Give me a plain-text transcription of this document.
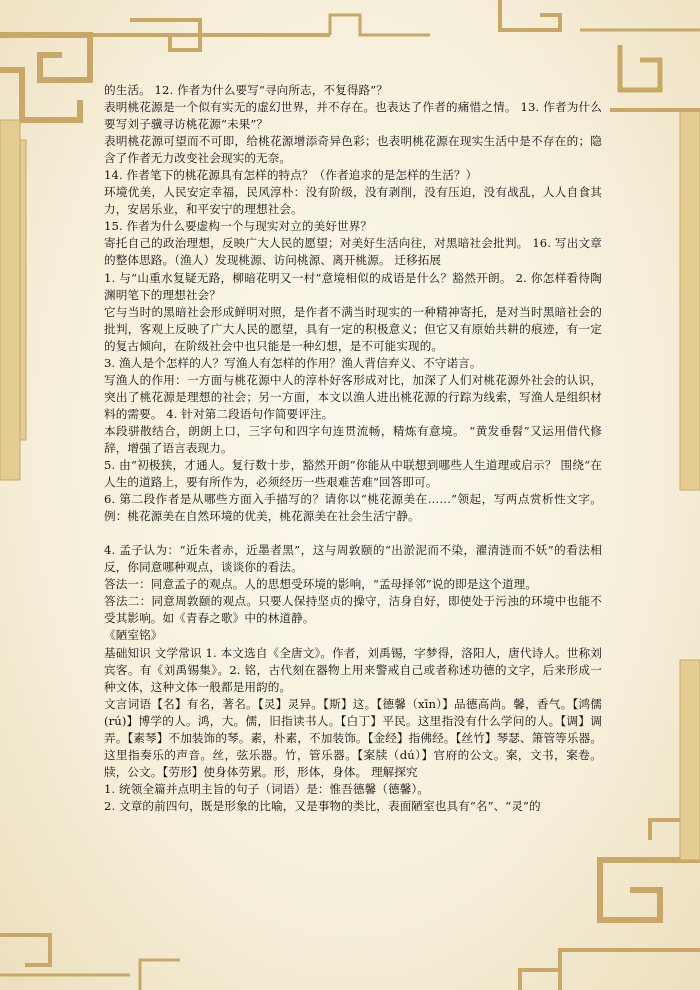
的生活。 12. 作者为什么要写“寻向所志，不复得路”？

表明桃花源是一个似有实无的虚幻世界，并不存在。也表达了作者的痛惜之情。 13. 作者为什么要写刘子骥寻访桃花源“未果”？

表明桃花源可望而不可即，给桃花源增添奇异色彩；也表明桃花源在现实生活中是不存在的；隐含了作者无力改变社会现实的无奈。

14. 作者笔下的桃花源具有怎样的特点？（作者追求的是怎样的生活？）

环境优美，人民安定幸福，民风淳朴：没有阶级，没有剥削，没有压迫，没有战乱，人人自食其力，安居乐业，和平安宁的理想社会。

15. 作者为什么要虚构一个与现实对立的美好世界？

寄托自己的政治理想，反映广大人民的愿望；对美好生活向往，对黑暗社会批判。 16. 写出文章的整体思路。（渔人）发现桃源、访问桃源、离开桃源。 迁移拓展

1. 与“山重水复疑无路，柳暗花明又一村”意境相似的成语是什么？豁然开朗。 2. 你怎样看待陶渊明笔下的理想社会？

它与当时的黑暗社会形成鲜明对照，是作者不满当时现实的一种精神寄托，是对当时黑暗社会的批判，客观上反映了广大人民的愿望，具有一定的积极意义；但它又有原始共耕的痕迹，有一定的复古倾向，在阶级社会中也只能是一种幻想，是不可能实现的。

3. 渔人是个怎样的人？写渔人有怎样的作用？渔人背信弃义、不守诺言。

写渔人的作用：一方面与桃花源中人的淳朴好客形成对比，加深了人们对桃花源外社会的认识，突出了桃花源是理想的社会；另一方面，本文以渔人进出桃花源的行踪为线索，写渔人是组织材料的需要。 4. 针对第二段语句作简要评注。

本段骈散结合，朗朗上口，三字句和四字句连贯流畅，精炼有意境。 “黄发垂髫”又运用借代修辞，增强了语言表现力。

5. 由“初极狭，才通人。复行数十步，豁然开朗”你能从中联想到哪些人生道理或启示？ 围绕“在人生的道路上，要有所作为，必须经历一些艰难苦难”回答即可。

6. 第二段作者是从哪些方面入手描写的？请你以“桃花源美在……”领起，写两点赏析性文字。 例：桃花源美在自然环境的优美，桃花源美在社会生活宁静。

4. 孟子认为：“近朱者赤，近墨者黑”，这与周敦颐的“出淤泥而不染，濯清涟而不妖”的看法相反，你同意哪种观点，谈谈你的看法。

答法一：同意孟子的观点。人的思想受环境的影响，“孟母择邻”说的即是这个道理。

答法二：同意周敦颐的观点。只要人保持坚贞的操守，洁身自好，即使处于污浊的环境中也能不受其影响。如《青春之歌》中的林道静。

《陋室铭》

基础知识 文学常识 1. 本文选自《全唐文》。作者，刘禹锡，字梦得，洛阳人，唐代诗人。世称刘宾客。有《刘禹锡集》。2. 铭，古代刻在器物上用来警戒自己或者称述功德的文字，后来形成一种文体，这种文体一般都是用韵的。

文言词语【名】有名，著名。【灵】灵异。【斯】这。【德馨（xīn）】品德高尚。馨，香气。【鸿儒(rú)】博学的人。鸿，大。儒，旧指读书人。【白丁】平民。这里指没有什么学问的人。【调】调弄。【素琴】不加装饰的琴。素，朴素，不加装饰。【金经】指佛经。【丝竹】琴瑟、箫管等乐器。这里指奏乐的声音。丝，弦乐器。竹，管乐器。【案牍（dú）】官府的公文。案，文书，案卷。牍，公文。【劳形】使身体劳累。形，形体，身体。 理解探究

1. 统领全篇并点明主旨的句子（词语）是：惟吾德馨（德馨）。

2. 文章的前四句，既是形象的比喻，又是事物的类比，表面陋室也具有“名”、“灵”的
